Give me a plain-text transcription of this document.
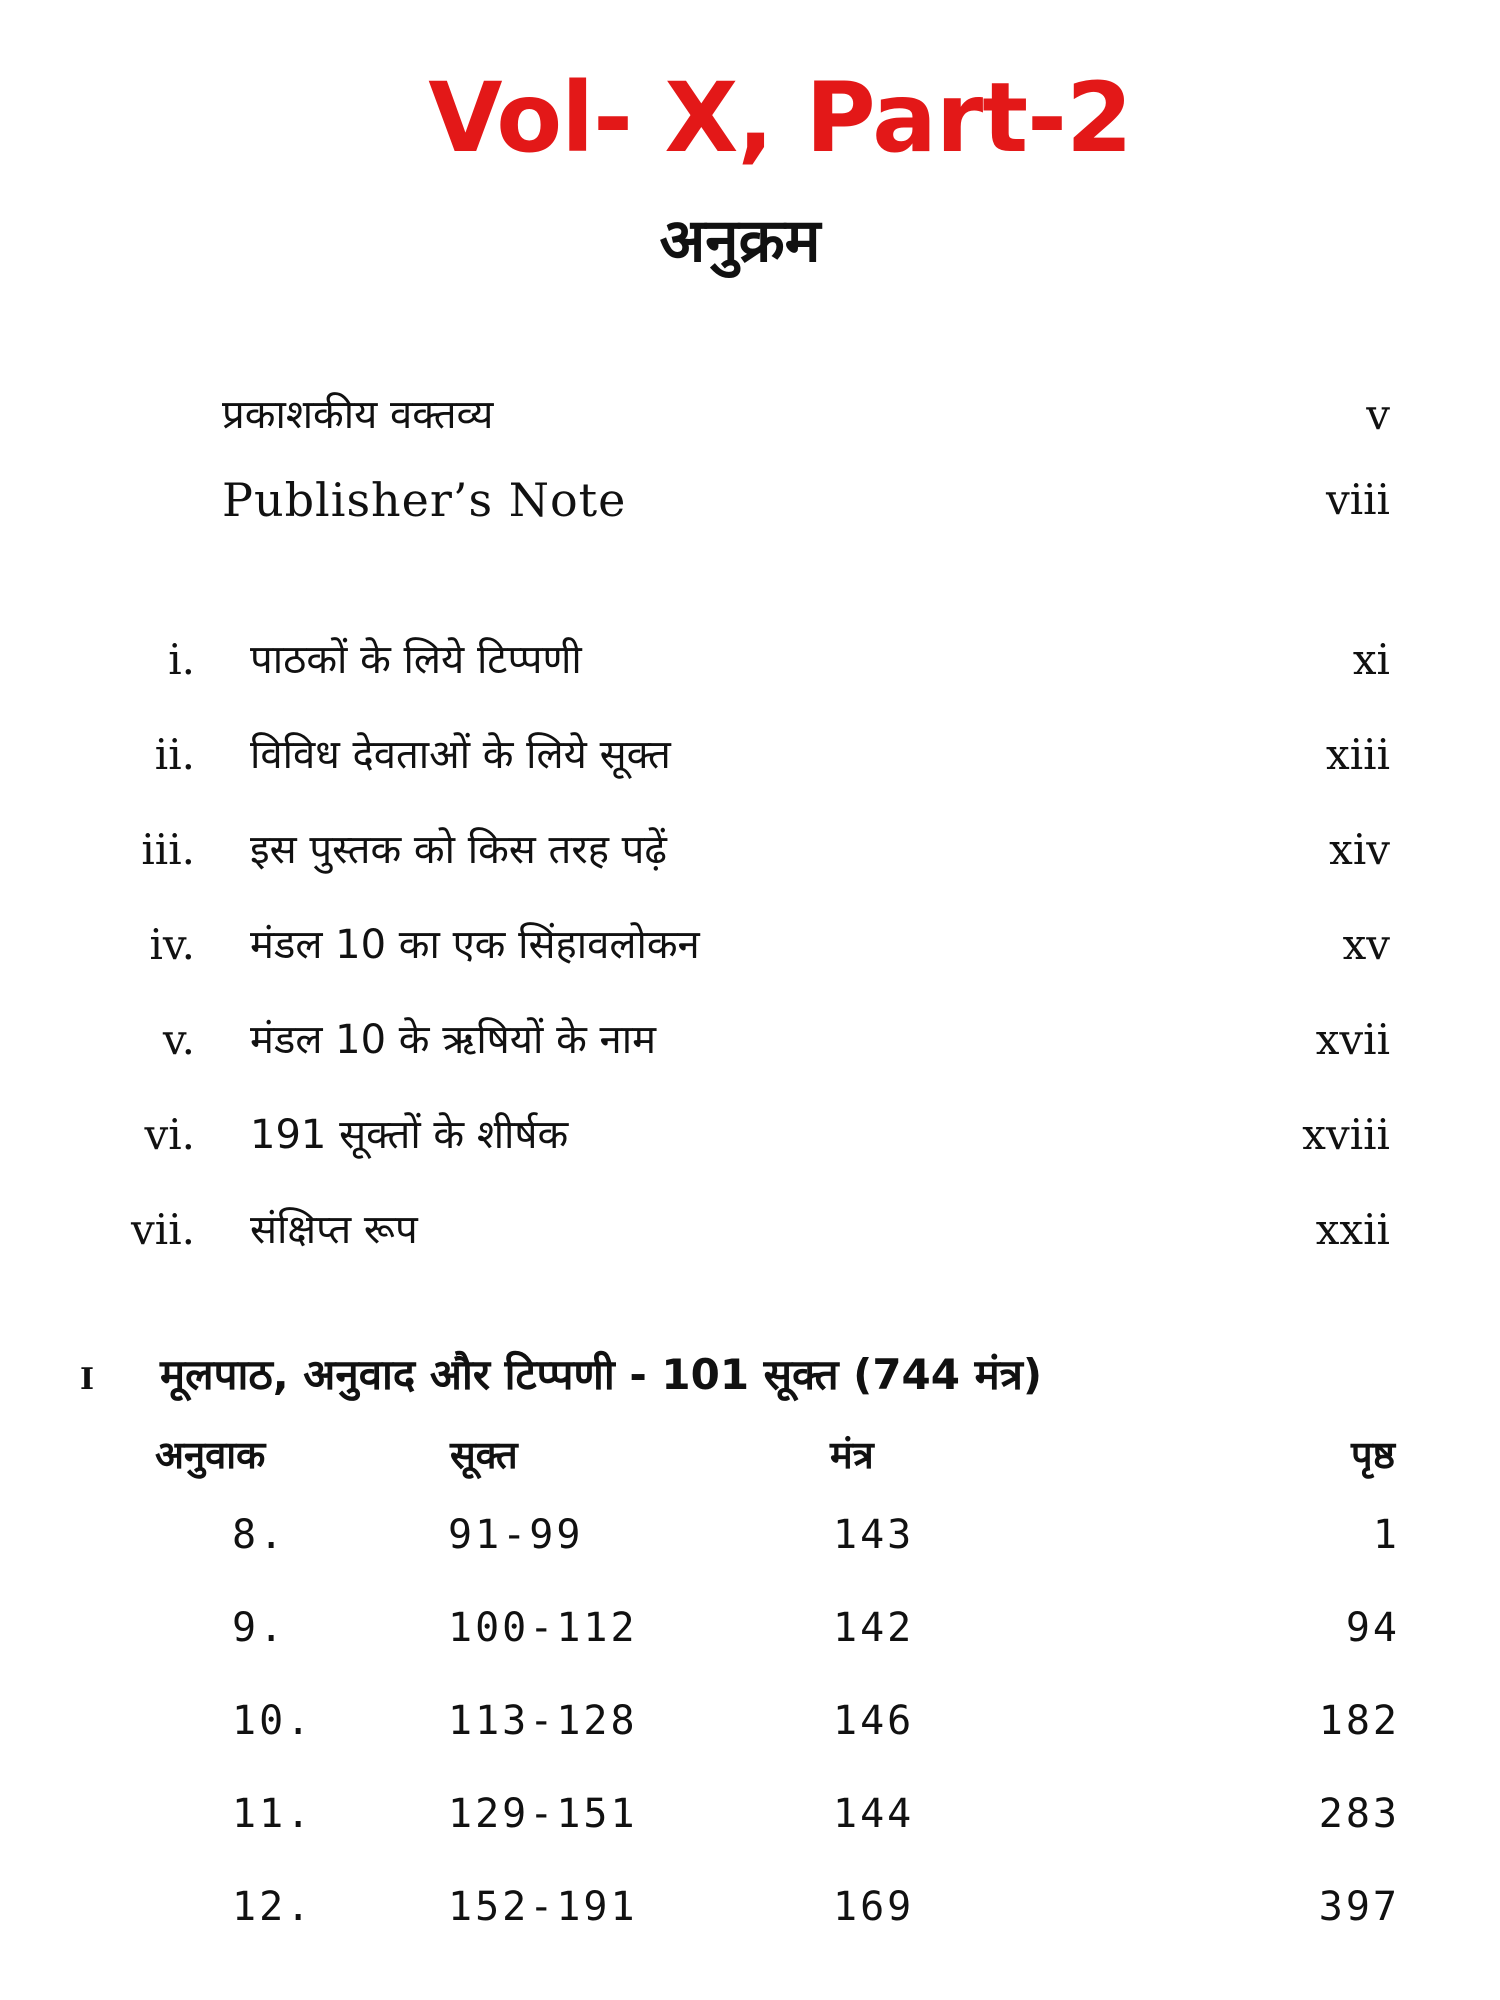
Vol- X, Part-2
अनुक्रम
प्रकाशकीय वक्तव्य	v
Publisher’s Note	viii
i. पाठकों के लिये टिप्पणी	xi
ii. विविध देवताओं के लिये सूक्त	xiii
iii. इस पुस्तक को किस तरह पढ़ें	xiv
iv. मंडल 10 का एक सिंहावलोकन	xv
v. मंडल 10 के ऋषियों के नाम	xvii
vi. 191 सूक्तों के शीर्षक	xviii
vii. संक्षिप्त रूप	xxii
I मूलपाठ, अनुवाद और टिप्पणी - 101 सूक्त (744 मंत्र)
अनुवाक	सूक्त	मंत्र	पृष्ठ
8.	91-99	143	1
9.	100-112	142	94
10.	113-128	146	182
11.	129-151	144	283
12.	152-191	169	397
